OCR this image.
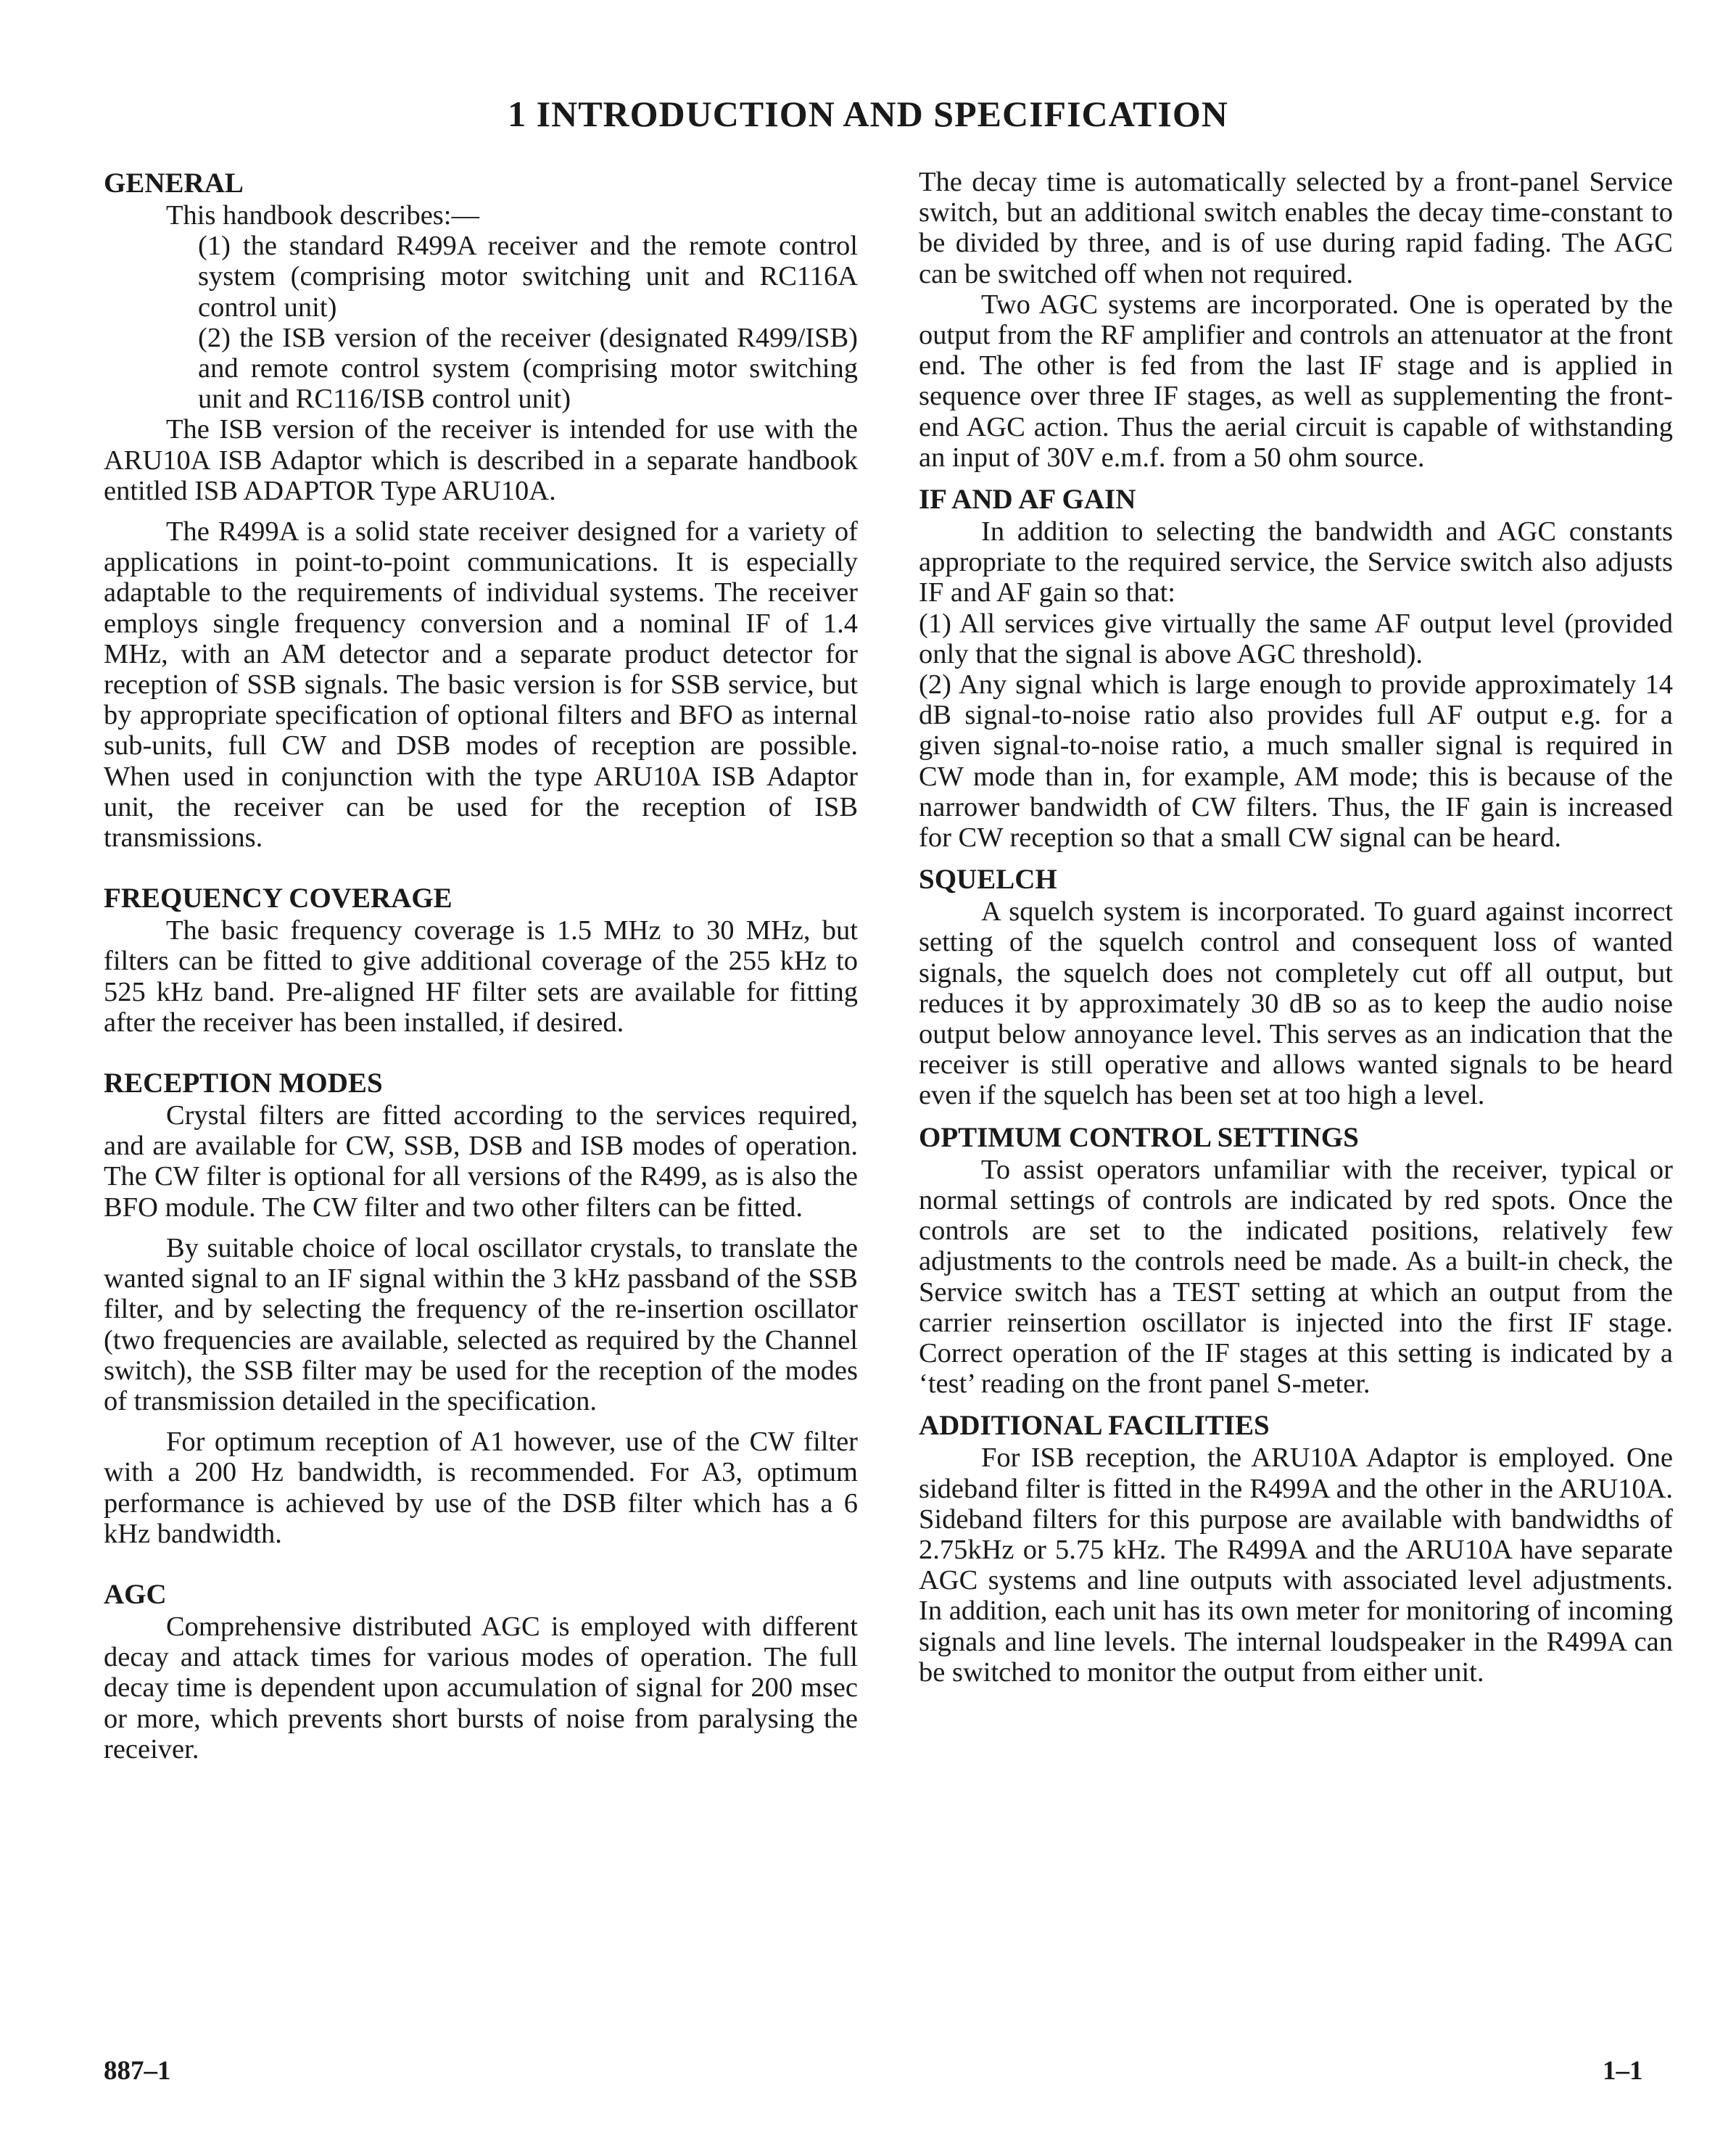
1 INTRODUCTION AND SPECIFICATION
GENERAL

This handbook describes:—

(1) the standard R499A receiver and the remote control system (comprising motor switching unit and RC116A control unit)

(2) the ISB version of the receiver (designated R499/ISB) and remote control system (comprising motor switching unit and RC116/ISB control unit)

The ISB version of the receiver is intended for use with the ARU10A ISB Adaptor which is described in a separate handbook entitled ISB ADAPTOR Type ARU10A.

The R499A is a solid state receiver designed for a variety of applications in point-to-point communications. It is especially adaptable to the requirements of individual systems. The receiver employs single frequency conversion and a nominal IF of 1.4 MHz, with an AM detector and a separate product detector for reception of SSB signals. The basic version is for SSB service, but by appropriate specification of optional filters and BFO as internal sub-units, full CW and DSB modes of reception are possible. When used in conjunction with the type ARU10A ISB Adaptor unit, the receiver can be used for the reception of ISB transmissions.

FREQUENCY COVERAGE

The basic frequency coverage is 1.5 MHz to 30 MHz, but filters can be fitted to give additional coverage of the 255 kHz to 525 kHz band. Pre-aligned HF filter sets are available for fitting after the receiver has been installed, if desired.

RECEPTION MODES

Crystal filters are fitted according to the services required, and are available for CW, SSB, DSB and ISB modes of operation. The CW filter is optional for all versions of the R499, as is also the BFO module. The CW filter and two other filters can be fitted.

By suitable choice of local oscillator crystals, to translate the wanted signal to an IF signal within the 3 kHz passband of the SSB filter, and by selecting the frequency of the re-insertion oscillator (two frequencies are available, selected as required by the Channel switch), the SSB filter may be used for the reception of the modes of transmission detailed in the specification.

For optimum reception of A1 however, use of the CW filter with a 200 Hz bandwidth, is recommended. For A3, optimum performance is achieved by use of the DSB filter which has a 6 kHz bandwidth.

AGC

Comprehensive distributed AGC is employed with different decay and attack times for various modes of operation. The full decay time is dependent upon accumulation of signal for 200 msec or more, which prevents short bursts of noise from paralysing the receiver.

The decay time is automatically selected by a front-panel Service switch, but an additional switch enables the decay time-constant to be divided by three, and is of use during rapid fading. The AGC can be switched off when not required.

Two AGC systems are incorporated. One is operated by the output from the RF amplifier and controls an attenuator at the front end. The other is fed from the last IF stage and is applied in sequence over three IF stages, as well as supplementing the front-end AGC action. Thus the aerial circuit is capable of withstanding an input of 30V e.m.f. from a 50 ohm source.

IF AND AF GAIN

In addition to selecting the bandwidth and AGC constants appropriate to the required service, the Service switch also adjusts IF and AF gain so that:

(1) All services give virtually the same AF output level (provided only that the signal is above AGC threshold).

(2) Any signal which is large enough to provide approximately 14 dB signal-to-noise ratio also provides full AF output e.g. for a given signal-to-noise ratio, a much smaller signal is required in CW mode than in, for example, AM mode; this is because of the narrower bandwidth of CW filters. Thus, the IF gain is increased for CW reception so that a small CW signal can be heard.

SQUELCH

A squelch system is incorporated. To guard against incorrect setting of the squelch control and consequent loss of wanted signals, the squelch does not completely cut off all output, but reduces it by approximately 30 dB so as to keep the audio noise output below annoyance level. This serves as an indication that the receiver is still operative and allows wanted signals to be heard even if the squelch has been set at too high a level.

OPTIMUM CONTROL SETTINGS

To assist operators unfamiliar with the receiver, typical or normal settings of controls are indicated by red spots. Once the controls are set to the indicated positions, relatively few adjustments to the controls need be made. As a built-in check, the Service switch has a TEST setting at which an output from the carrier reinsertion oscillator is injected into the first IF stage. Correct operation of the IF stages at this setting is indicated by a ‘test’ reading on the front panel S-meter.

ADDITIONAL FACILITIES

For ISB reception, the ARU10A Adaptor is employed. One sideband filter is fitted in the R499A and the other in the ARU10A. Sideband filters for this purpose are available with bandwidths of 2.75kHz or 5.75 kHz. The R499A and the ARU10A have separate AGC systems and line outputs with associated level adjustments. In addition, each unit has its own meter for monitoring of incoming signals and line levels. The internal loudspeaker in the R499A can be switched to monitor the output from either unit.

887–1	1–1
